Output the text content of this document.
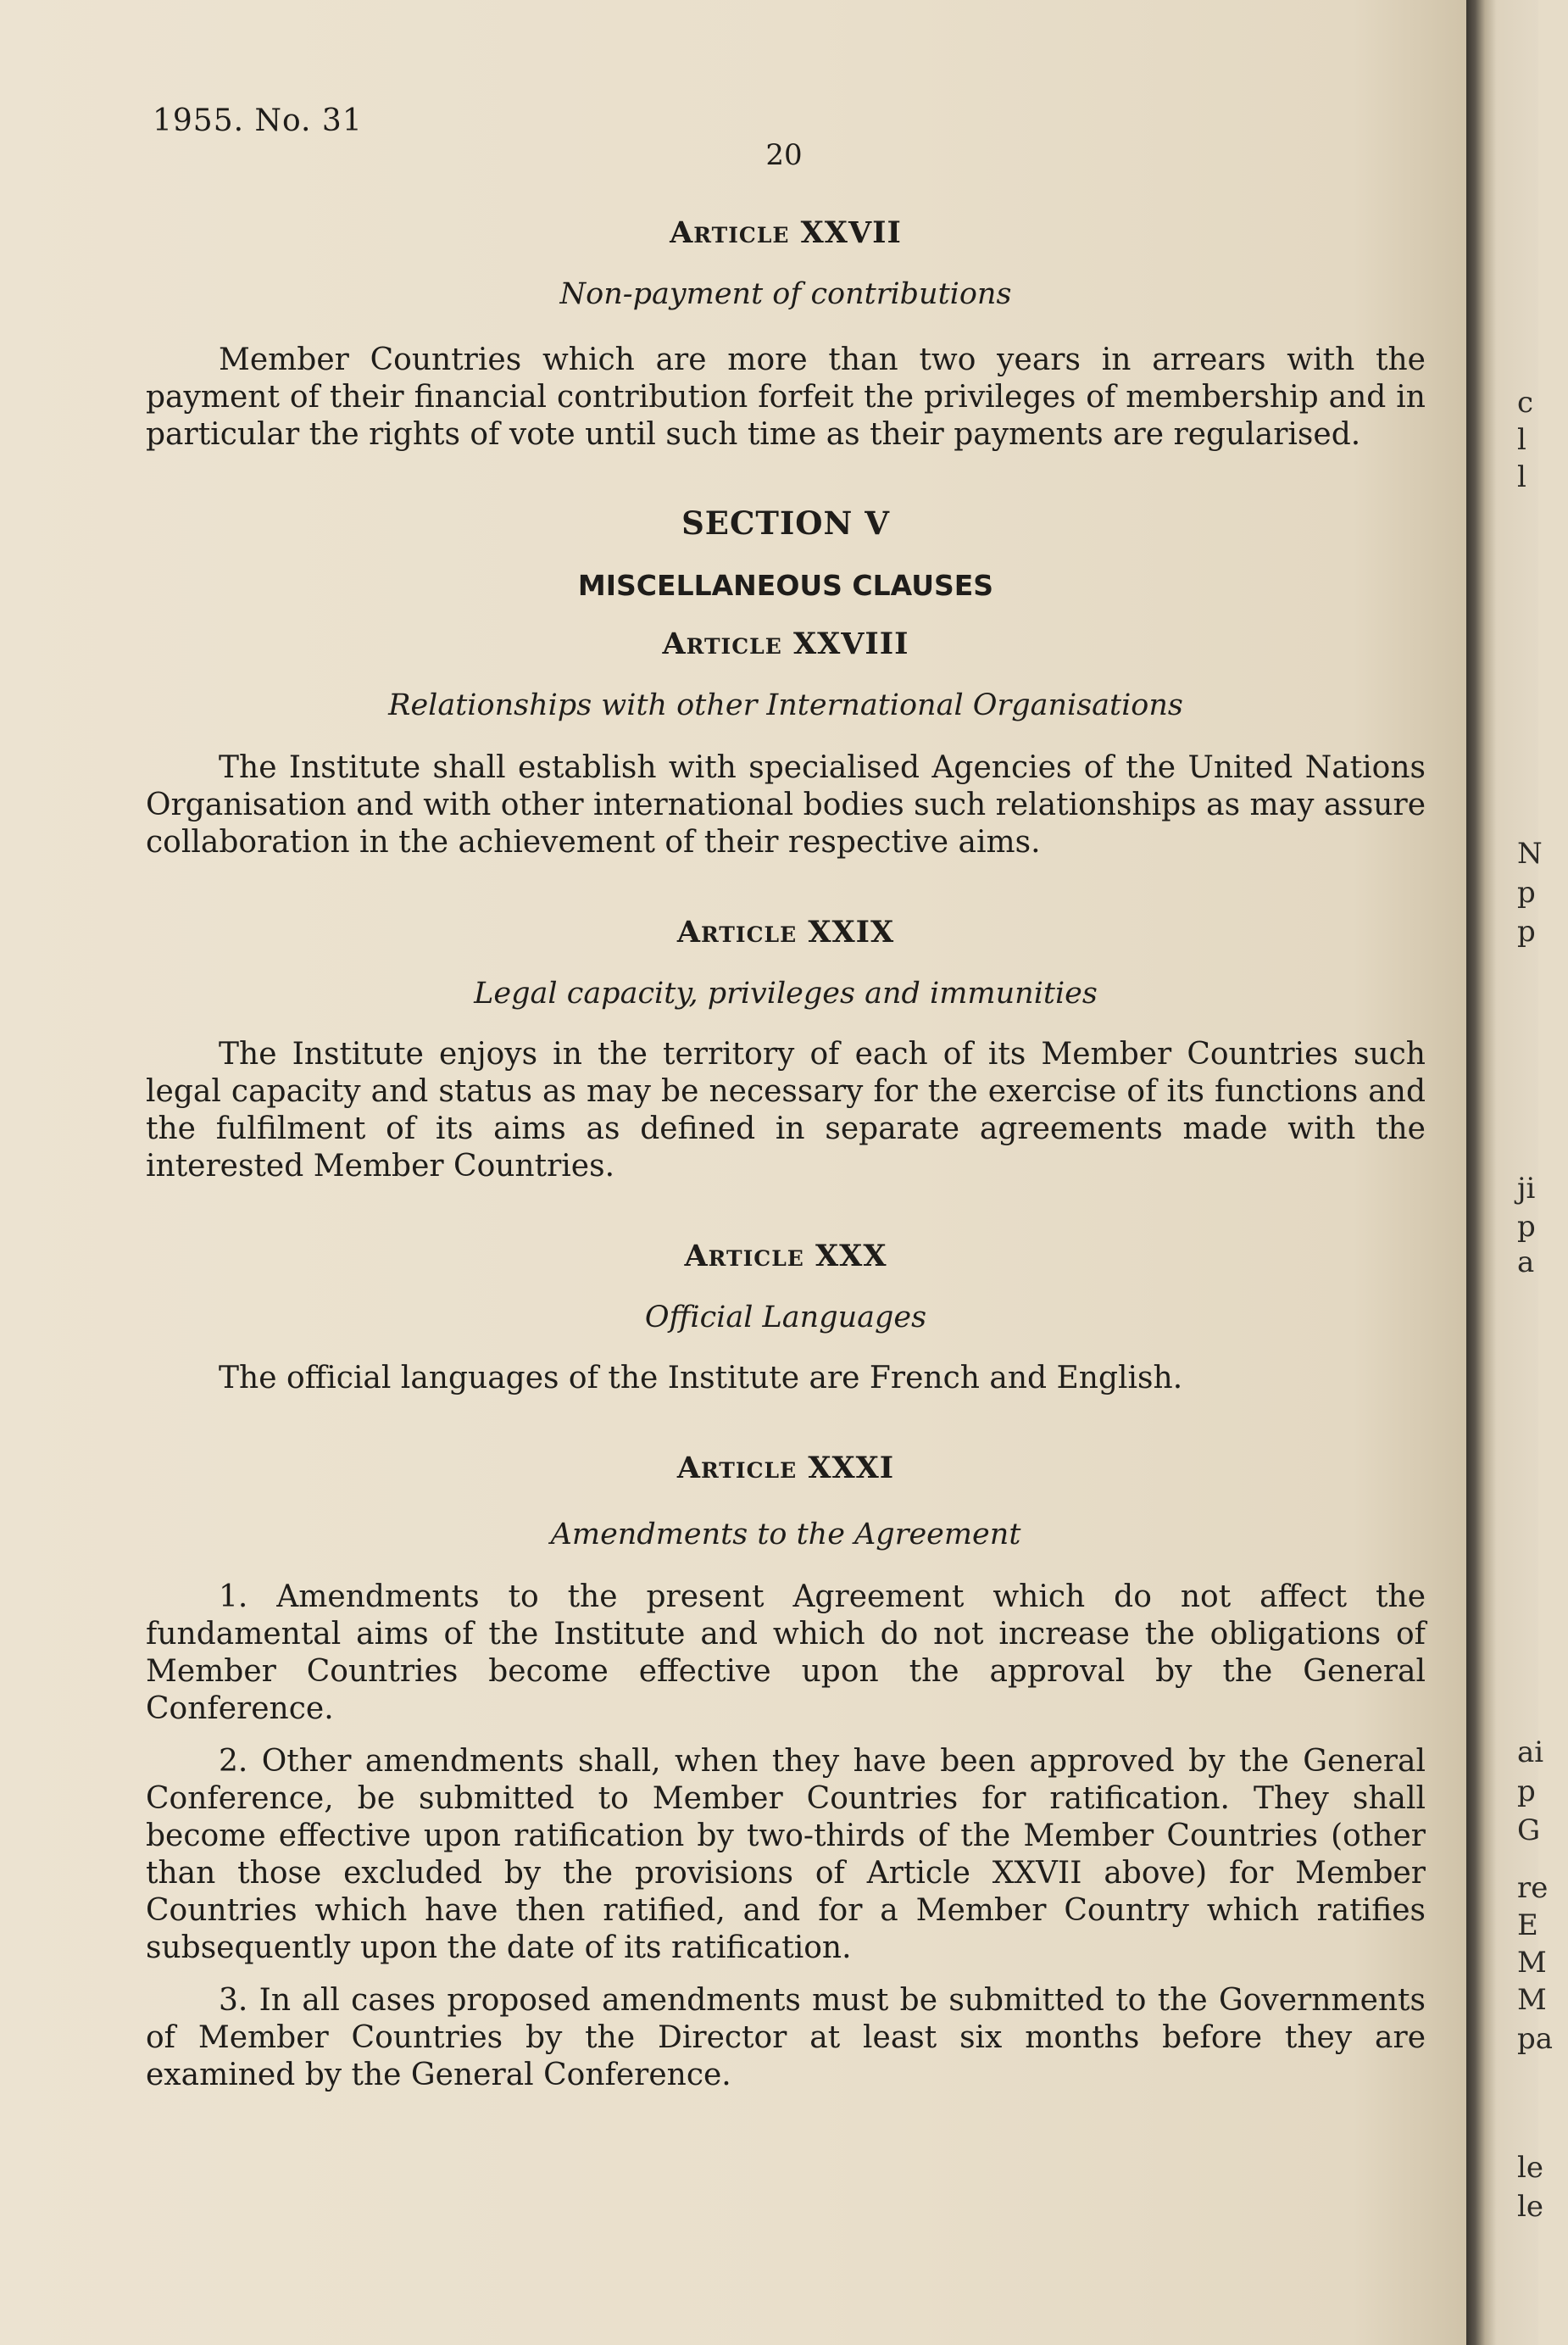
c
l
l
N
p
p
ji
p
a
ai
p
G
re
E
M
M
pa
le
le
1955. No. 31
20
Article XXVII

Non-payment of contributions

Member Countries which are more than two years in arrears with the payment of their financial contribution forfeit the privileges of membership and in particular the rights of vote until such time as their payments are regularised.

SECTION V
MISCELLANEOUS CLAUSES
Article XXVIII

Relationships with other International Organisations

The Institute shall establish with specialised Agencies of the United Nations Organisation and with other international bodies such relationships as may assure collaboration in the achievement of their respective aims.

Article XXIX

Legal capacity, privileges and immunities

The Institute enjoys in the territory of each of its Member Countries such legal capacity and status as may be necessary for the exercise of its functions and the fulfilment of its aims as defined in separate agreements made with the interested Member Countries.

Article XXX

Official Languages

The official languages of the Institute are French and English.

Article XXXI

Amendments to the Agreement

1. Amendments to the present Agreement which do not affect the fundamental aims of the Institute and which do not increase the obligations of Member Countries become effective upon the approval by the General Conference.

2. Other amendments shall, when they have been approved by the General Conference, be submitted to Member Countries for ratification. They shall become effective upon ratification by two-thirds of the Member Countries (other than those excluded by the provisions of Article XXVII above) for Member Countries which have then ratified, and for a Member Country which ratifies subsequently upon the date of its ratification.

3. In all cases proposed amendments must be submitted to the Governments of Member Countries by the Director at least six months before they are examined by the General Conference.
